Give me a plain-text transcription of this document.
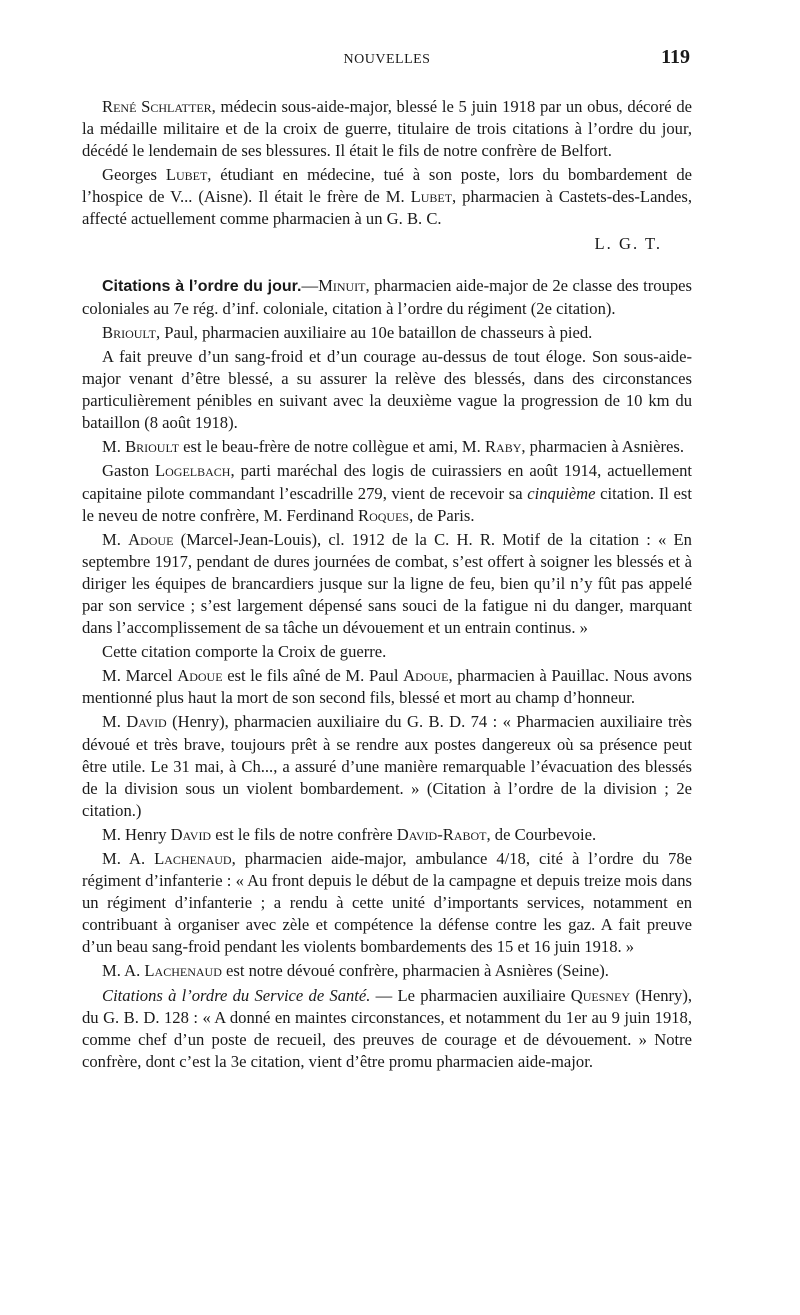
NOUVELLES	119

René Schlatter, médecin sous-aide-major, blessé le 5 juin 1918 par un obus, décoré de la médaille militaire et de la croix de guerre, titulaire de trois citations à l’ordre du jour, décédé le lendemain de ses blessures. Il était le fils de notre confrère de Belfort.

Georges Lubet, étudiant en médecine, tué à son poste, lors du bombardement de l’hospice de V... (Aisne). Il était le frère de M. Lubet, pharmacien à Castets-des-Landes, affecté actuellement comme pharmacien à un G. B. C.

L. G. T.

Citations à l’ordre du jour.—Minuit, pharmacien aide-major de 2e classe des troupes coloniales au 7e rég. d’inf. coloniale, citation à l’ordre du régiment (2e citation).

Brioult, Paul, pharmacien auxiliaire au 10e bataillon de chasseurs à pied.

A fait preuve d’un sang-froid et d’un courage au-dessus de tout éloge. Son sous-aide-major venant d’être blessé, a su assurer la relève des blessés, dans des circonstances particulièrement pénibles en suivant avec la deuxième vague la progression de 10 km du bataillon (8 août 1918).

M. Brioult est le beau-frère de notre collègue et ami, M. Raby, pharmacien à Asnières.

Gaston Logelbach, parti maréchal des logis de cuirassiers en août 1914, actuellement capitaine pilote commandant l’escadrille 279, vient de recevoir sa cinquième citation. Il est le neveu de notre confrère, M. Ferdinand Roques, de Paris.

M. Adoue (Marcel-Jean-Louis), cl. 1912 de la C. H. R. Motif de la citation : « En septembre 1917, pendant de dures journées de combat, s’est offert à soigner les blessés et à diriger les équipes de brancardiers jusque sur la ligne de feu, bien qu’il n’y fût pas appelé par son service ; s’est largement dépensé sans souci de la fatigue ni du danger, marquant dans l’accomplissement de sa tâche un dévouement et un entrain continus. »

Cette citation comporte la Croix de guerre.

M. Marcel Adoue est le fils aîné de M. Paul Adoue, pharmacien à Pauillac. Nous avons mentionné plus haut la mort de son second fils, blessé et mort au champ d’honneur.

M. David (Henry), pharmacien auxiliaire du G. B. D. 74 : « Pharmacien auxiliaire très dévoué et très brave, toujours prêt à se rendre aux postes dangereux où sa présence peut être utile. Le 31 mai, à Ch..., a assuré d’une manière remarquable l’évacuation des blessés de la division sous un violent bombardement. » (Citation à l’ordre de la division ; 2e citation.)

M. Henry David est le fils de notre confrère David-Rabot, de Courbevoie.

M. A. Lachenaud, pharmacien aide-major, ambulance 4/18, cité à l’ordre du 78e régiment d’infanterie : « Au front depuis le début de la campagne et depuis treize mois dans un régiment d’infanterie ; a rendu à cette unité d’importants services, notamment en contribuant à organiser avec zèle et compétence la défense contre les gaz. A fait preuve d’un beau sang-froid pendant les violents bombardements des 15 et 16 juin 1918. »

M. A. Lachenaud est notre dévoué confrère, pharmacien à Asnières (Seine).

Citations à l’ordre du Service de Santé. — Le pharmacien auxiliaire Quesney (Henry), du G. B. D. 128 : « A donné en maintes circonstances, et notamment du 1er au 9 juin 1918, comme chef d’un poste de recueil, des preuves de courage et de dévouement. » Notre confrère, dont c’est la 3e citation, vient d’être promu pharmacien aide-major.
